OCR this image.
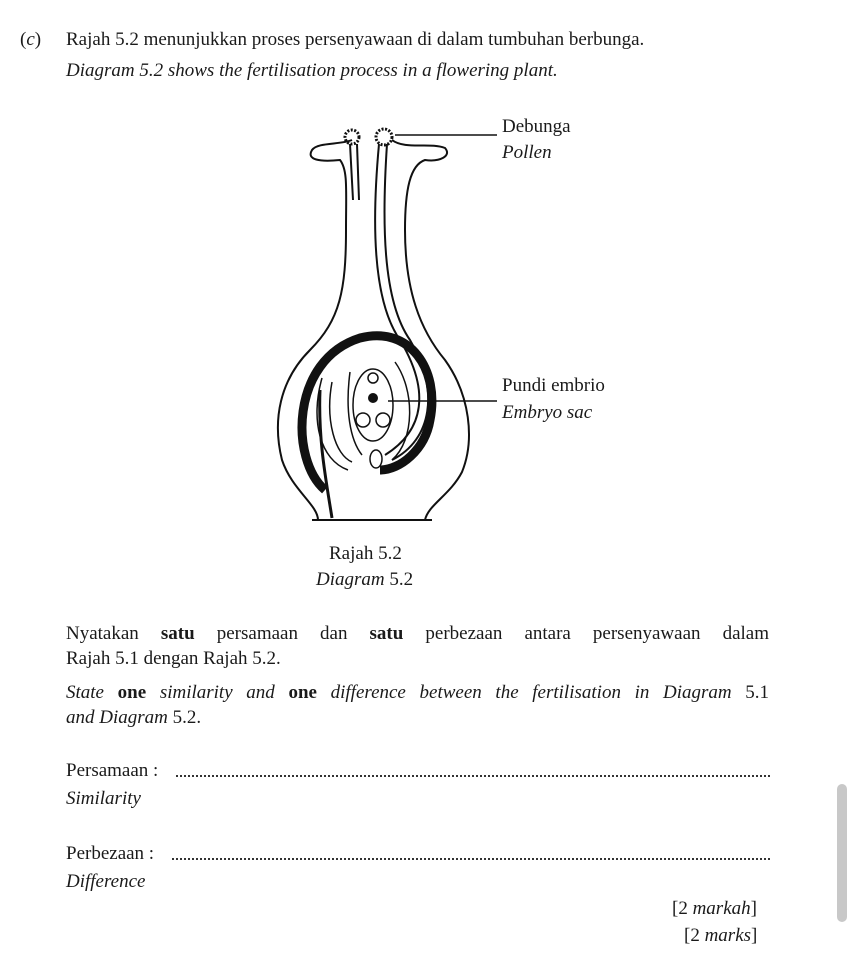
(c) Rajah 5.2 menunjukkan proses persenyawaan di dalam tumbuhan berbunga.
Diagram 5.2 shows the fertilisation process in a flowering plant.
Debunga
Pollen
Pundi embrio
Embryo sac
Rajah 5.2
Diagram 5.2
Nyatakan satu persamaan dan satu perbezaan antara persenyawaan dalam
Rajah 5.1 dengan Rajah 5.2.
State one similarity and one difference between the fertilisation in Diagram 5.1
and Diagram 5.2.
Persamaan :
Similarity
Perbezaan :
Difference
[2 markah]
[2 marks]
